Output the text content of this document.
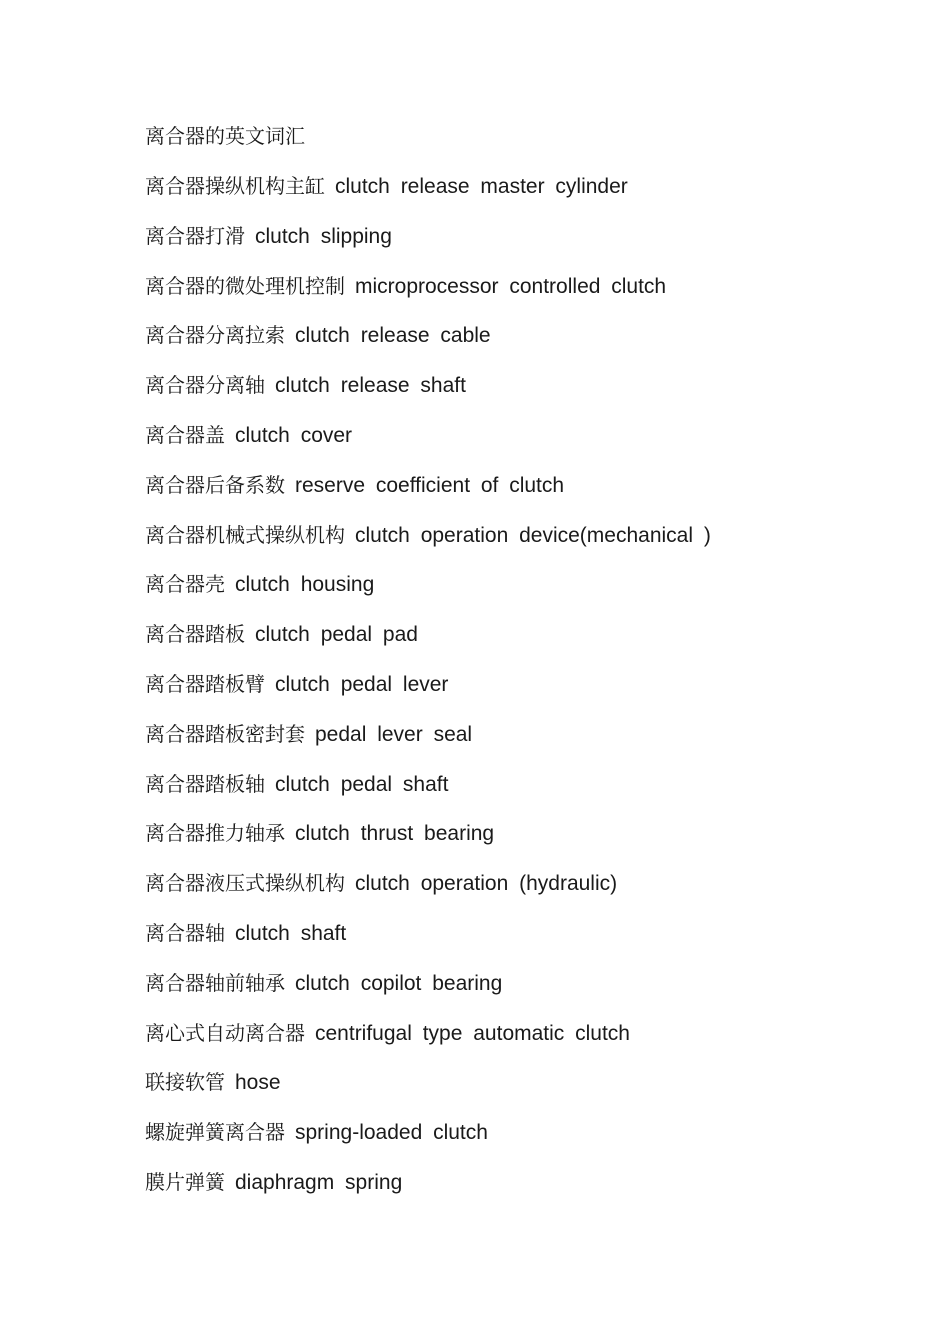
离合器的英文词汇
离合器操纵机构主缸 clutch release master cylinder
离合器打滑 clutch slipping
离合器的微处理机控制 microprocessor controlled clutch
离合器分离拉索 clutch release cable
离合器分离轴 clutch release shaft
离合器盖 clutch cover
离合器后备系数 reserve coefficient of clutch
离合器机械式操纵机构 clutch operation device(mechanical )
离合器壳 clutch housing
离合器踏板 clutch pedal pad
离合器踏板臂 clutch pedal lever
离合器踏板密封套 pedal lever seal
离合器踏板轴 clutch pedal shaft
离合器推力轴承 clutch thrust bearing
离合器液压式操纵机构 clutch operation (hydraulic)
离合器轴 clutch shaft
离合器轴前轴承 clutch copilot bearing
离心式自动离合器 centrifugal type automatic clutch
联接软管 hose
螺旋弹簧离合器 spring-loaded clutch
膜片弹簧 diaphragm spring
